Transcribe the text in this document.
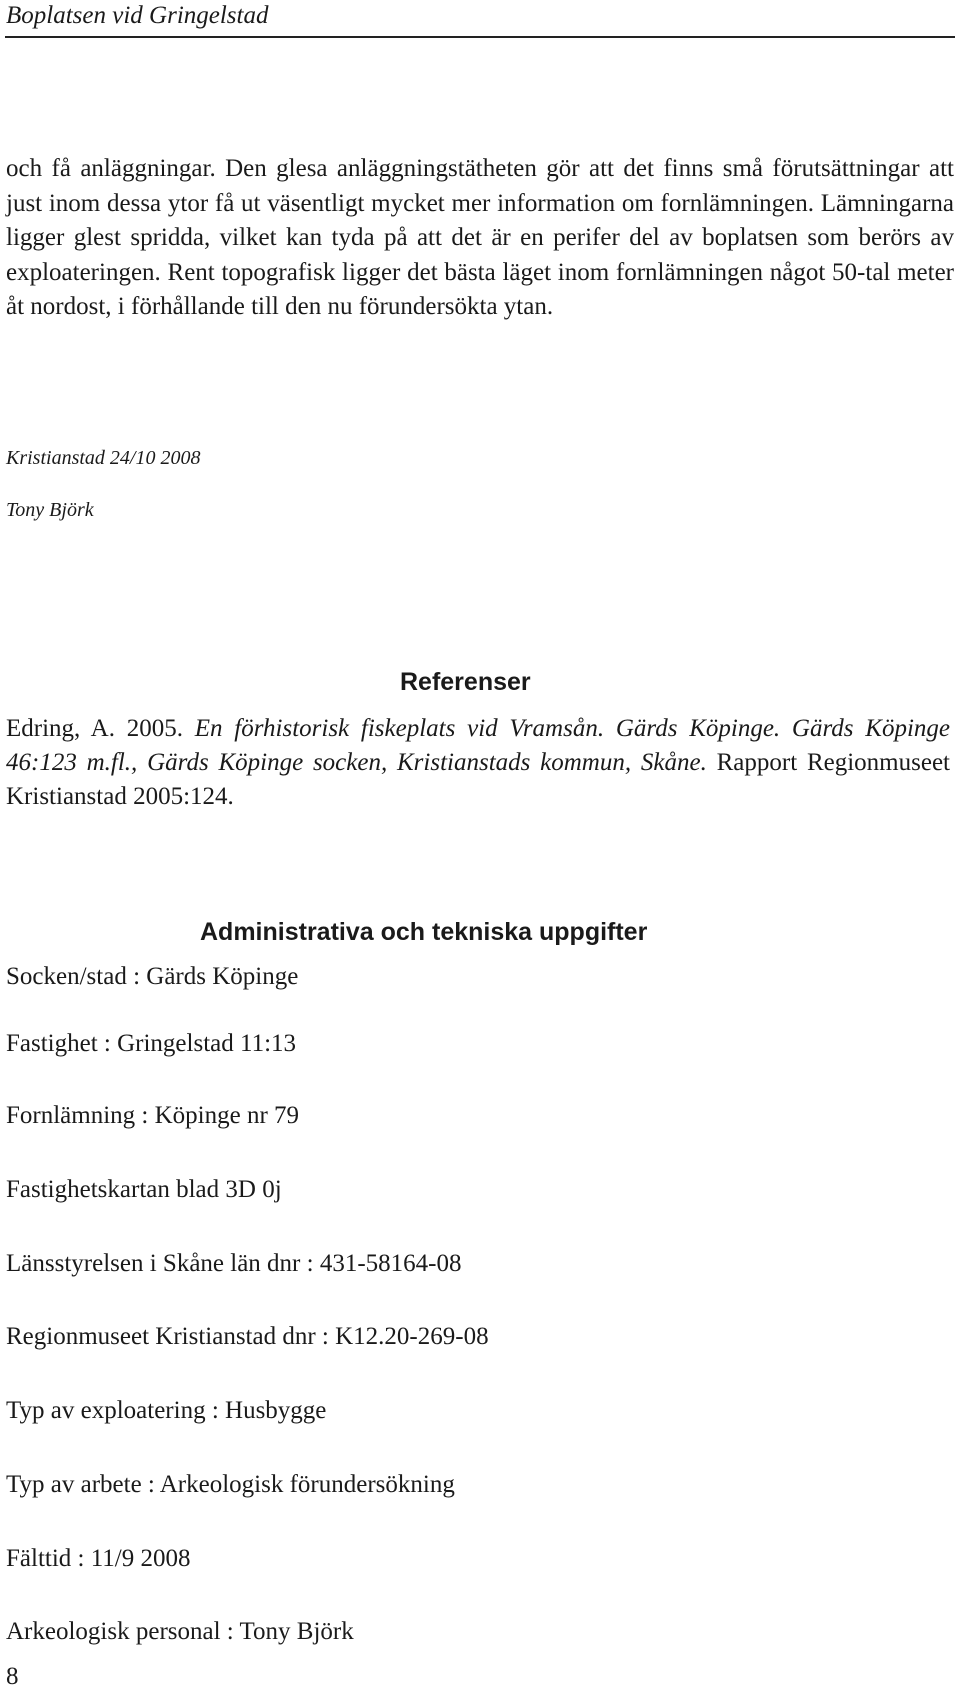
Boplatsen vid Gringelstad

och få anläggningar. Den glesa anläggningstätheten gör att det finns små förutsättningar att just inom dessa ytor få ut väsentligt mycket mer information om fornlämningen. Lämningarna ligger glest spridda, vilket kan tyda på att det är en perifer del av boplatsen som berörs av exploateringen. Rent topografisk ligger det bästa läget inom fornlämningen något 50-tal meter åt nordost, i förhållande till den nu förundersökta ytan.

Kristianstad 24/10 2008
Tony Björk
Referenser

Edring, A. 2005. En förhistorisk fiskeplats vid Vramsån. Gärds Köpinge. Gärds Köpinge 46:123 m.fl., Gärds Köpinge socken, Kristianstads kommun, Skåne. Rapport Regionmuseet Kristianstad 2005:124.

Administrativa och tekniska uppgifter
Socken/stad : Gärds Köpinge
Fastighet : Gringelstad 11:13
Fornlämning : Köpinge nr 79
Fastighetskartan blad 3D 0j
Länsstyrelsen i Skåne län dnr : 431-58164-08
Regionmuseet Kristianstad dnr : K12.20-269-08
Typ av exploatering : Husbygge
Typ av arbete : Arkeologisk förundersökning
Fälttid : 11/9 2008
Arkeologisk personal : Tony Björk
8
